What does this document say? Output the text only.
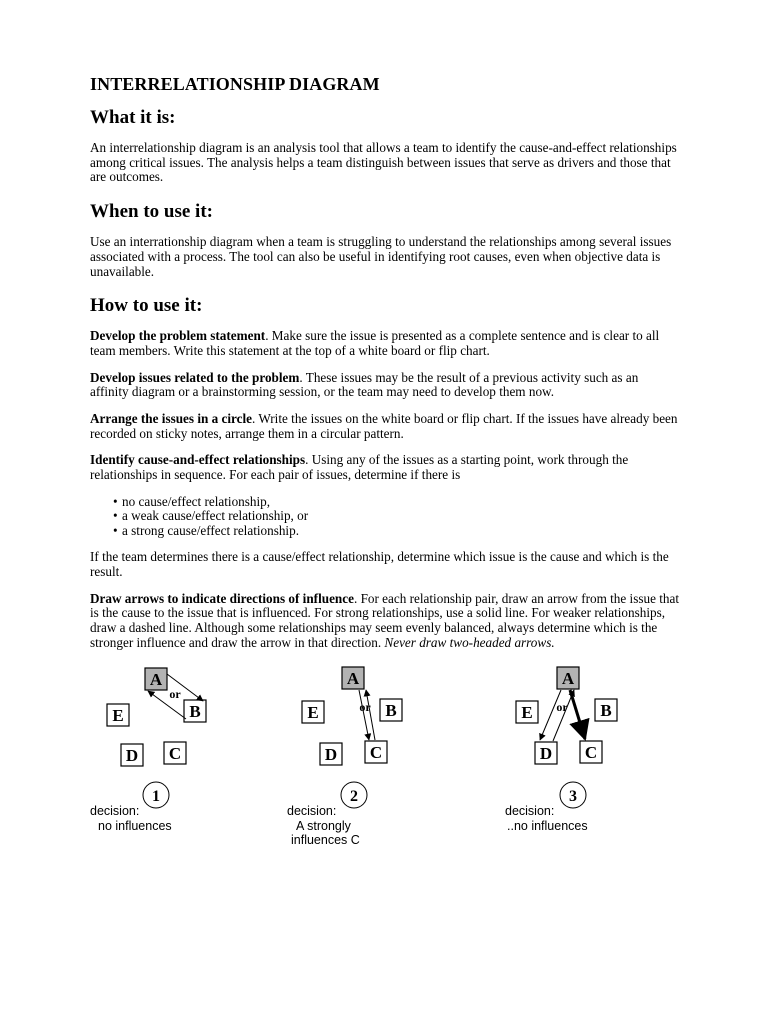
INTERRELATIONSHIP DIAGRAM
What it is:

An interrelationship diagram is an analysis tool that allows a team to identify the cause-and-effect relationships among critical issues. The analysis helps a team distinguish between issues that serve as drivers and those that are outcomes.

When to use it:

Use an interrationship diagram when a team is struggling to understand the relationships among several issues associated with a process. The tool can also be useful in identifying root causes, even when objective data is unavailable.

How to use it:

Develop the problem statement. Make sure the issue is presented as a complete sentence and is clear to all team members. Write this statement at the top of a white board or flip chart.

Develop issues related to the problem. These issues may be the result of a previous activity such as an affinity diagram or a brainstorming session, or the team may need to develop them now.

Arrange the issues in a circle. Write the issues on the white board or flip chart. If the issues have already been recorded on sticky notes, arrange them in a circular pattern.

Identify cause-and-effect relationships. Using any of the issues as a starting point, work through the relationships in sequence. For each pair of issues, determine if there is

• no cause/effect relationship,
• a weak cause/effect relationship, or
• a strong cause/effect relationship.

If the team determines there is a cause/effect relationship, determine which issue is the cause and which is the result.

Draw arrows to indicate directions of influence. For each relationship pair, draw an arrow from the issue that is the cause to the issue that is influenced. For strong relationships, use a solid line. For weaker relationships, draw a dashed line. Although some relationships may seem evenly balanced, always determine which is the stronger influence and draw the arrow in that direction. Never draw two-headed arrows.

A
B
E
D C
or
1
A
B
E
D C
or
2
A
B
E
D C
or
3
decision:
no influences
decision:
A strongly
influences C
decision:
..no influences
